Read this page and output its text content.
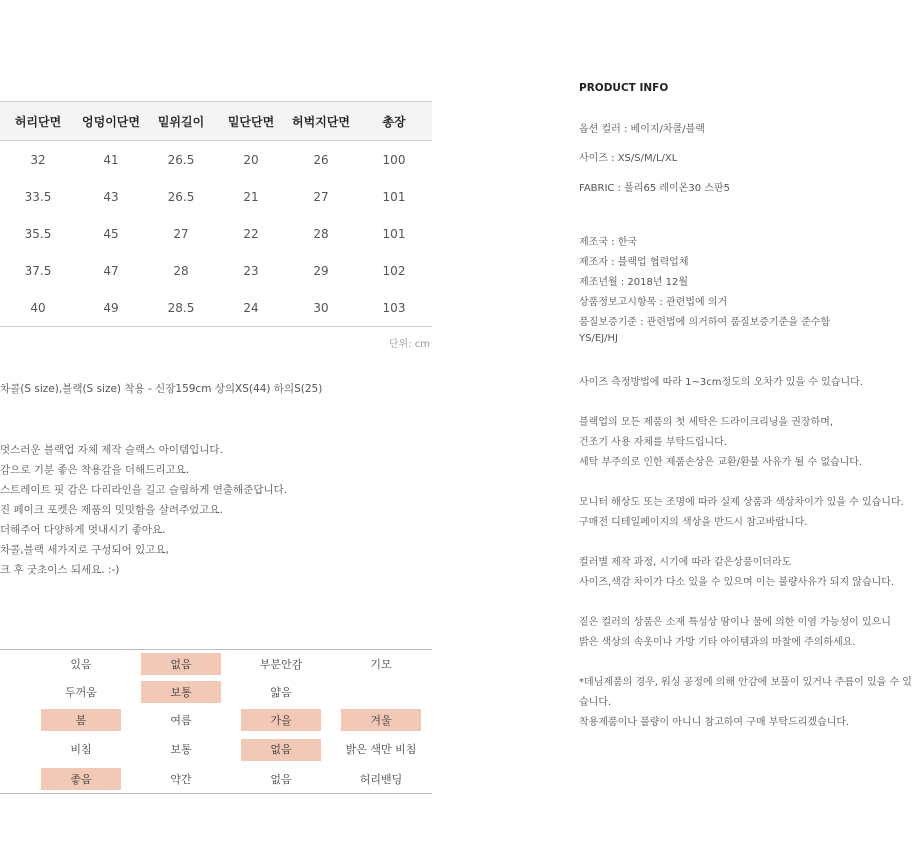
허리단면	엉덩이단면	밑위길이	밑단단면	허벅지단면	총장
32	41	26.5	20	26	100
33.5	43	26.5	21	27	101
35.5	45	27	22	28	101
37.5	47	28	23	29	102
40	49	28.5	24	30	103
단위: cm
차콜(S size),블랙(S size) 착용 - 신장159cm 상의XS(44) 하의S(25)
멋스러운 블랙업 자체 제작 슬랙스 아이템입니다.
감으로 기분 좋은 착용감을 더해드리고요.
스트레이트 핏 감은 다리라인을 길고 슬림하게 연출해준답니다.
진 페이크 포켓은 제품의 밋밋함을 살려주었고요.
더해주어 다양하게 멋내시기 좋아요.
차콜,블랙 세가지로 구성되어 있고요,
크 후 굿초이스 되세요. :-)
있음	없음	부분안감	기모
두꺼움	보통	얇음
봄	여름	가을	겨울
비침	보통	없음	밝은 색만 비침
좋음	약간	없음	허리밴딩
PRODUCT INFO
옵션 컬러 : 베이지/차콜/블랙
사이즈 : XS/S/M/L/XL
FABRIC : 폴리65 레이온30 스판5
제조국 : 한국
제조자 : 블랙업 협력업체
제조년월 : 2018년 12월
상품정보고시항목 : 관련법에 의거
품질보증기준 : 관련법에 의거하여 품질보증기준을 준수함
YS/EJ/HJ
사이즈 측정방법에 따라 1~3cm정도의 오차가 있을 수 있습니다.
블랙업의 모든 제품의 첫 세탁은 드라이크리닝을 권장하며,
건조기 사용 자체를 부탁드립니다.
세탁 부주의로 인한 제품손상은 교환/환불 사유가 될 수 없습니다.
모니터 해상도 또는 조명에 따라 실제 상품과 색상차이가 있을 수 있습니다.
구매전 디테일페이지의 색상을 반드시 참고바랍니다.
컬러별 제작 과정, 시기에 따라 같은상품이더라도
사이즈,색감 차이가 다소 있을 수 있으며 이는 불량사유가 되지 않습니다.
짙은 컬러의 상품은 소재 특성상 땀이나 물에 의한 이염 가능성이 있으니
밝은 색상의 속옷이나 가방 기타 아이템과의 마찰에 주의하세요.
*데님제품의 경우, 워싱 공정에 의해 안감에 보풀이 있거나 주름이 있을 수 있
습니다.
착용제품이나 불량이 아니니 참고하여 구매 부탁드리겠습니다.
